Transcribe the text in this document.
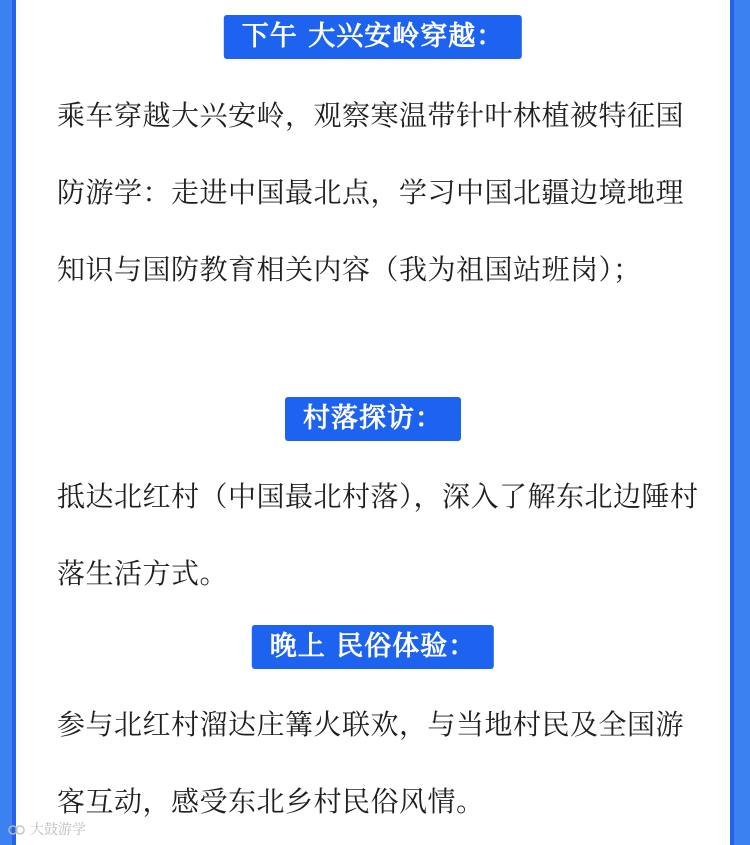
下午 大兴安岭穿越：

乘车穿越大兴安岭，观察寒温带针叶林植被特征国防游学：走进中国最北点，学习中国北疆边境地理知识与国防教育相关内容（我为祖国站班岗）；

村落探访：

抵达北红村（中国最北村落），深入了解东北边陲村落生活方式。

晚上 民俗体验：

参与北红村溜达庄篝火联欢，与当地村民及全国游客互动，感受东北乡村民俗风情。

大鼓游学
